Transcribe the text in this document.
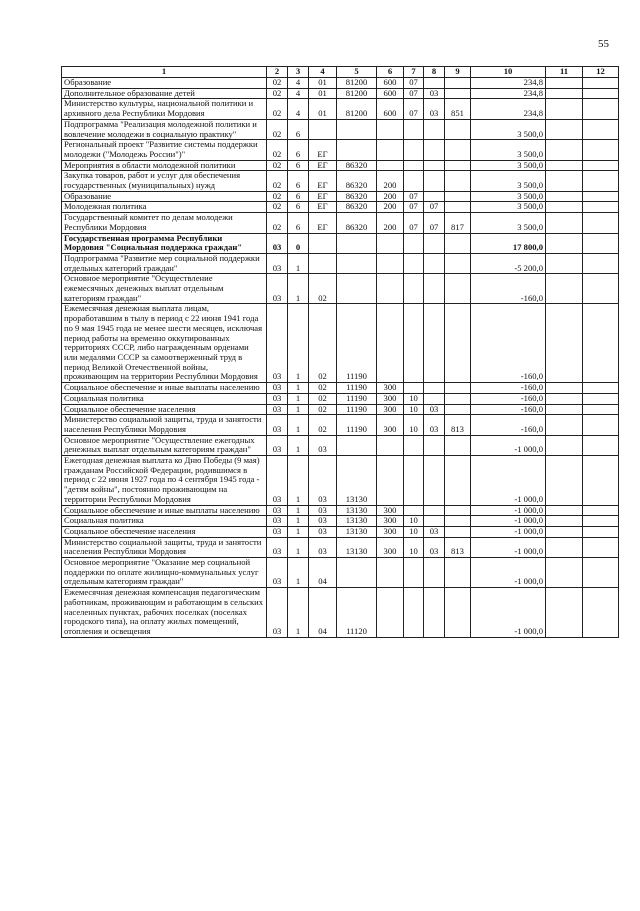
55
1	2	3	4	5	6	7	8	9	10	11	12
Образование	02	4	01	81200	600	07			234,8		
Дополнительное образование детей	02	4	01	81200	600	07	03		234,8		
Министерство культуры, национальной политики и архивного дела Республики Мордовия	02	4	01	81200	600	07	03	851	234,8		
Подпрограмма "Реализация молодежной политики и вовлечение молодежи в социальную практику"	02	6							3 500,0		
Региональный проект "Развитие системы поддержки молодежи ("Молодежь России")"	02	6	ЕГ						3 500,0		
Мероприятия в области молодежной политики	02	6	ЕГ	86320					3 500,0		
Закупка товаров, работ и услуг для обеспечения государственных (муниципальных) нужд	02	6	ЕГ	86320	200				3 500,0		
Образование	02	6	ЕГ	86320	200	07			3 500,0		
Молодежная политика	02	6	ЕГ	86320	200	07	07		3 500,0		
Государственный комитет по делам молодежи Республики Мордовия	02	6	ЕГ	86320	200	07	07	817	3 500,0		
Государственная программа Республики Мордовия "Социальная поддержка граждан"	03	0							17 800,0		
Подпрограмма "Развитие мер социальной поддержки отдельных категорий граждан"	03	1							-5 200,0		
Основное мероприятие "Осуществление ежемесячных денежных выплат отдельным категориям граждан"	03	1	02						-160,0		
Ежемесячная денежная выплата лицам, проработавшим в тылу в период с 22 июня 1941 года по 9 мая 1945 года не менее шести месяцев, исключая период работы на временно оккупированных территориях СССР, либо награжденным орденами или медалями СССР за самоотверженный труд в период Великой Отечественной войны, проживающим на территории Республики Мордовия	03	1	02	11190					-160,0		
Социальное обеспечение и иные выплаты населению	03	1	02	11190	300				-160,0		
Социальная политика	03	1	02	11190	300	10			-160,0		
Социальное обеспечение населения	03	1	02	11190	300	10	03		-160,0		
Министерство социальной защиты, труда и занятости населения Республики Мордовия	03	1	02	11190	300	10	03	813	-160,0		
Основное мероприятие "Осуществление ежегодных денежных выплат отдельным категориям граждан"	03	1	03						-1 000,0		
Ежегодная денежная выплата ко Дню Победы (9 мая) гражданам Российской Федерации, родившимся в период с 22 июня 1927 года по 4 сентября 1945 года - "детям войны", постоянно проживающим на территории Республики Мордовия	03	1	03	13130					-1 000,0		
Социальное обеспечение и иные выплаты населению	03	1	03	13130	300				-1 000,0		
Социальная политика	03	1	03	13130	300	10			-1 000,0		
Социальное обеспечение населения	03	1	03	13130	300	10	03		-1 000,0		
Министерство социальной защиты, труда и занятости населения Республики Мордовия	03	1	03	13130	300	10	03	813	-1 000,0		
Основное мероприятие "Оказание мер социальной поддержки по оплате жилищно-коммунальных услуг отдельным категориям граждан"	03	1	04						-1 000,0		
Ежемесячная денежная компенсация педагогическим работникам, проживающим и работающим в сельских населенных пунктах, рабочих поселках (поселках городского типа), на оплату жилых помещений, отопления и освещения	03	1	04	11120					-1 000,0		
